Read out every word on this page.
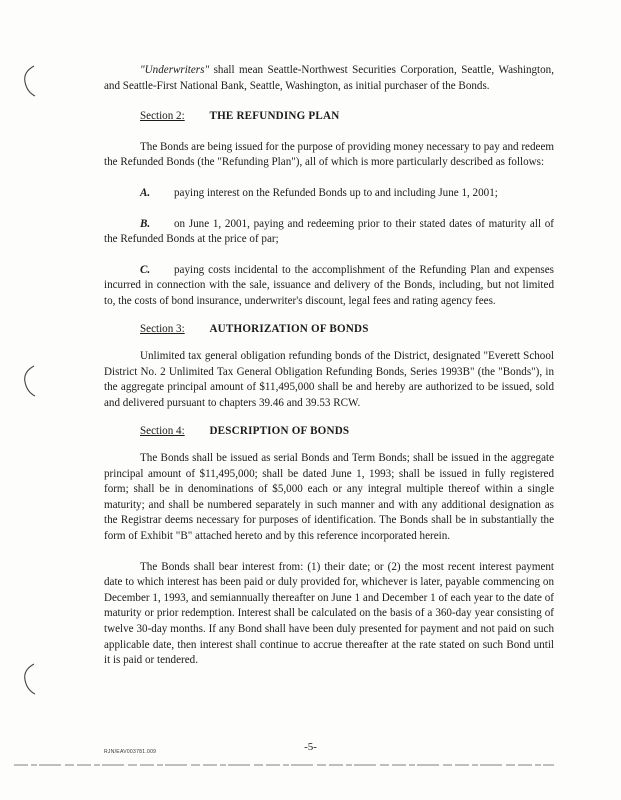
"Underwriters" shall mean Seattle-Northwest Securities Corporation, Seattle, Washington, and Seattle-First National Bank, Seattle, Washington, as initial purchaser of the Bonds.

Section 2: THE REFUNDING PLAN

The Bonds are being issued for the purpose of providing money necessary to pay and redeem the Refunded Bonds (the "Refunding Plan"), all of which is more particularly described as follows:

A. paying interest on the Refunded Bonds up to and including June 1, 2001;

B. on June 1, 2001, paying and redeeming prior to their stated dates of maturity all of the Refunded Bonds at the price of par;

C. paying costs incidental to the accomplishment of the Refunding Plan and expenses incurred in connection with the sale, issuance and delivery of the Bonds, including, but not limited to, the costs of bond insurance, underwriter's discount, legal fees and rating agency fees.

Section 3: AUTHORIZATION OF BONDS

Unlimited tax general obligation refunding bonds of the District, designated "Everett School District No. 2 Unlimited Tax General Obligation Refunding Bonds, Series 1993B" (the "Bonds"), in the aggregate principal amount of $11,495,000 shall be and hereby are authorized to be issued, sold and delivered pursuant to chapters 39.46 and 39.53 RCW.

Section 4: DESCRIPTION OF BONDS

The Bonds shall be issued as serial Bonds and Term Bonds; shall be issued in the aggregate principal amount of $11,495,000; shall be dated June 1, 1993; shall be issued in fully registered form; shall be in denominations of $5,000 each or any integral multiple thereof within a single maturity; and shall be numbered separately in such manner and with any additional designation as the Registrar deems necessary for purposes of identification. The Bonds shall be in substantially the form of Exhibit "B" attached hereto and by this reference incorporated herein.

The Bonds shall bear interest from: (1) their date; or (2) the most recent interest payment date to which interest has been paid or duly provided for, whichever is later, payable commencing on December 1, 1993, and semiannually thereafter on June 1 and December 1 of each year to the date of maturity or prior redemption. Interest shall be calculated on the basis of a 360-day year consisting of twelve 30-day months. If any Bond shall have been duly presented for payment and not paid on such applicable date, then interest shall continue to accrue thereafter at the rate stated on such Bond until it is paid or tendered.

RJN/EAV003781.009	-5-
